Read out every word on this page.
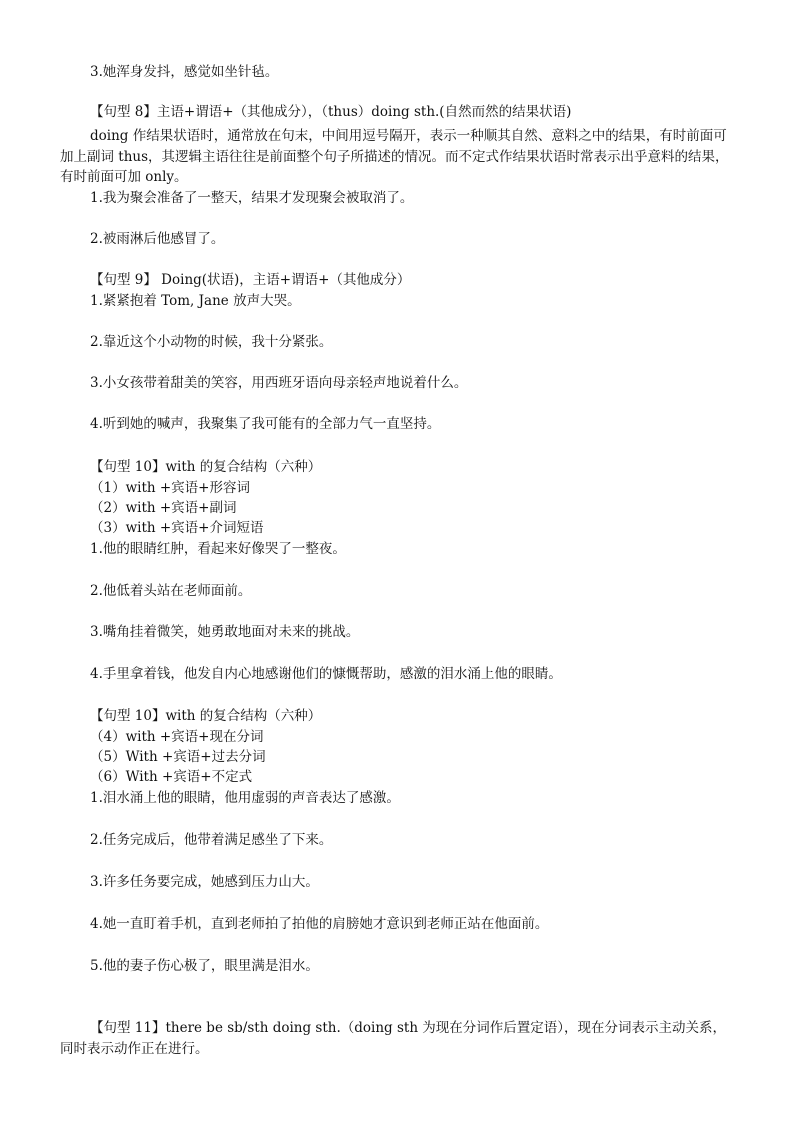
3.她浑身发抖，感觉如坐针毡。
【句型 8】主语+谓语+（其他成分），（thus）doing sth.(自然而然的结果状语)
doing 作结果状语时，通常放在句末，中间用逗号隔开，表示一种顺其自然、意料之中的结果，有时前面可加上副词 thus，其逻辑主语往往是前面整个句子所描述的情况。而不定式作结果状语时常表示出乎意料的结果，有时前面可加 only。
1.我为聚会准备了一整天，结果才发现聚会被取消了。
2.被雨淋后他感冒了。
【句型 9】 Doing(状语)，主语+谓语+（其他成分）
1.紧紧抱着 Tom, Jane 放声大哭。
2.靠近这个小动物的时候，我十分紧张。
3.小女孩带着甜美的笑容，用西班牙语向母亲轻声地说着什么。
4.听到她的喊声，我聚集了我可能有的全部力气一直坚持。
【句型 10】with 的复合结构（六种）
（1）with +宾语+形容词
（2）with +宾语+副词
（3）with +宾语+介词短语
1.他的眼睛红肿，看起来好像哭了一整夜。
2.他低着头站在老师面前。
3.嘴角挂着微笑，她勇敢地面对未来的挑战。
4.手里拿着钱，他发自内心地感谢他们的慷慨帮助，感激的泪水涌上他的眼睛。
【句型 10】with 的复合结构（六种）
（4）with +宾语+现在分词
（5）With +宾语+过去分词
（6）With +宾语+不定式
1.泪水涌上他的眼睛，他用虚弱的声音表达了感激。
2.任务完成后，他带着满足感坐了下来。
3.许多任务要完成，她感到压力山大。
4.她一直盯着手机，直到老师拍了拍他的肩膀她才意识到老师正站在他面前。
5.他的妻子伤心极了，眼里满是泪水。
【句型 11】there be sb/sth doing sth.（doing sth 为现在分词作后置定语），现在分词表示主动关系，同时表示动作正在进行。
